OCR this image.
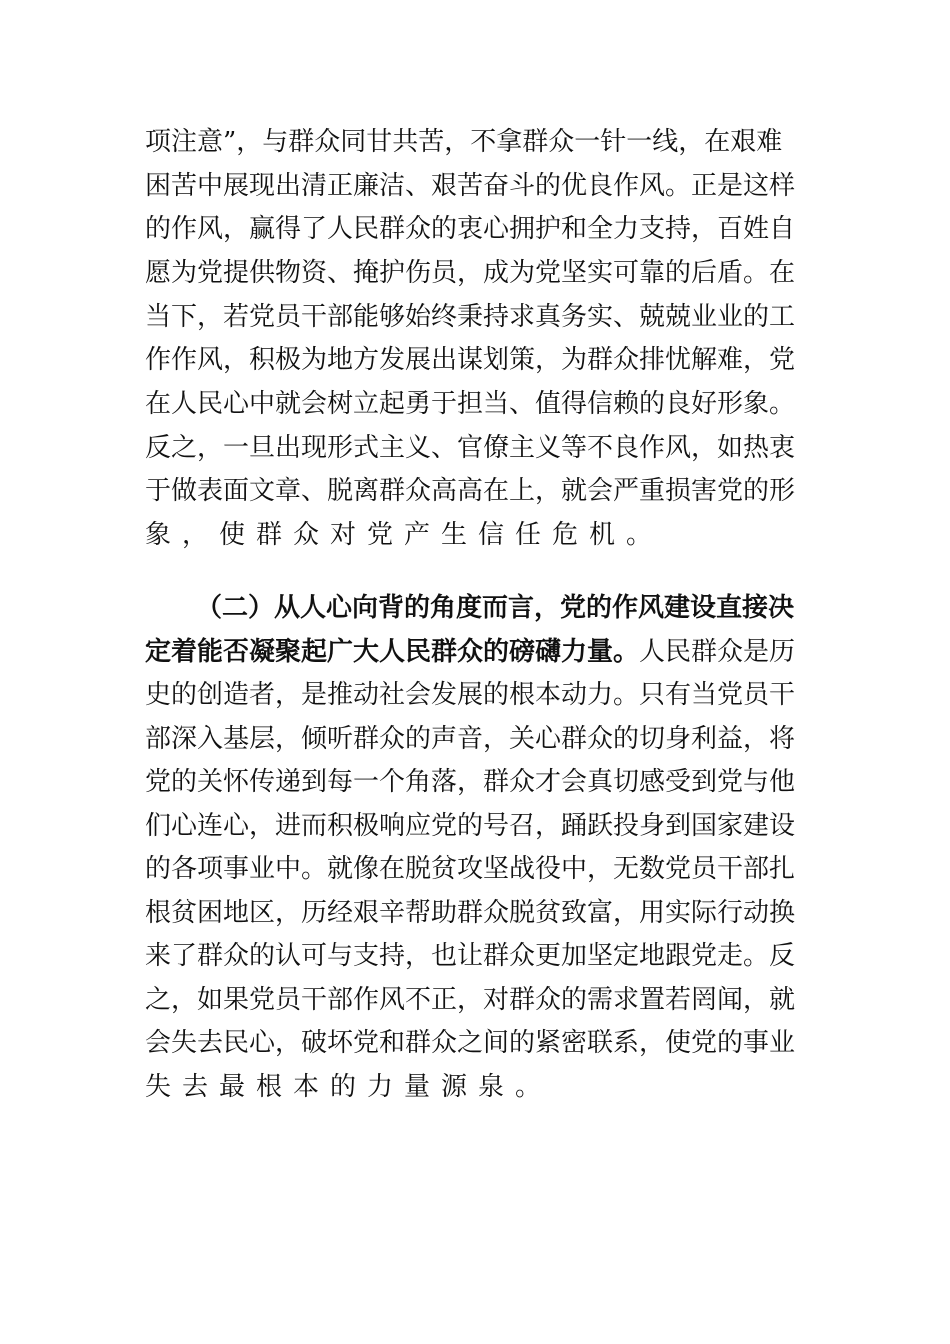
项注意”，与群众同甘共苦，不拿群众一针一线，在艰难
困苦中展现出清正廉洁、艰苦奋斗的优良作风。正是这样
的作风，赢得了人民群众的衷心拥护和全力支持，百姓自
愿为党提供物资、掩护伤员，成为党坚实可靠的后盾。在
当下，若党员干部能够始终秉持求真务实、兢兢业业的工
作作风，积极为地方发展出谋划策，为群众排忧解难，党
在人民心中就会树立起勇于担当、值得信赖的良好形象。
反之，一旦出现形式主义、官僚主义等不良作风，如热衷
于做表面文章、脱离群众高高在上，就会严重损害党的形
象，使群众对党产生信任危机。
（二）从人心向背的角度而言，党的作风建设直接决
定着能否凝聚起广大人民群众的磅礴力量。人民群众是历
史的创造者，是推动社会发展的根本动力。只有当党员干
部深入基层，倾听群众的声音，关心群众的切身利益，将
党的关怀传递到每一个角落，群众才会真切感受到党与他
们心连心，进而积极响应党的号召，踊跃投身到国家建设
的各项事业中。就像在脱贫攻坚战役中，无数党员干部扎
根贫困地区，历经艰辛帮助群众脱贫致富，用实际行动换
来了群众的认可与支持，也让群众更加坚定地跟党走。反
之，如果党员干部作风不正，对群众的需求置若罔闻，就
会失去民心，破坏党和群众之间的紧密联系，使党的事业
失去最根本的力量源泉。
